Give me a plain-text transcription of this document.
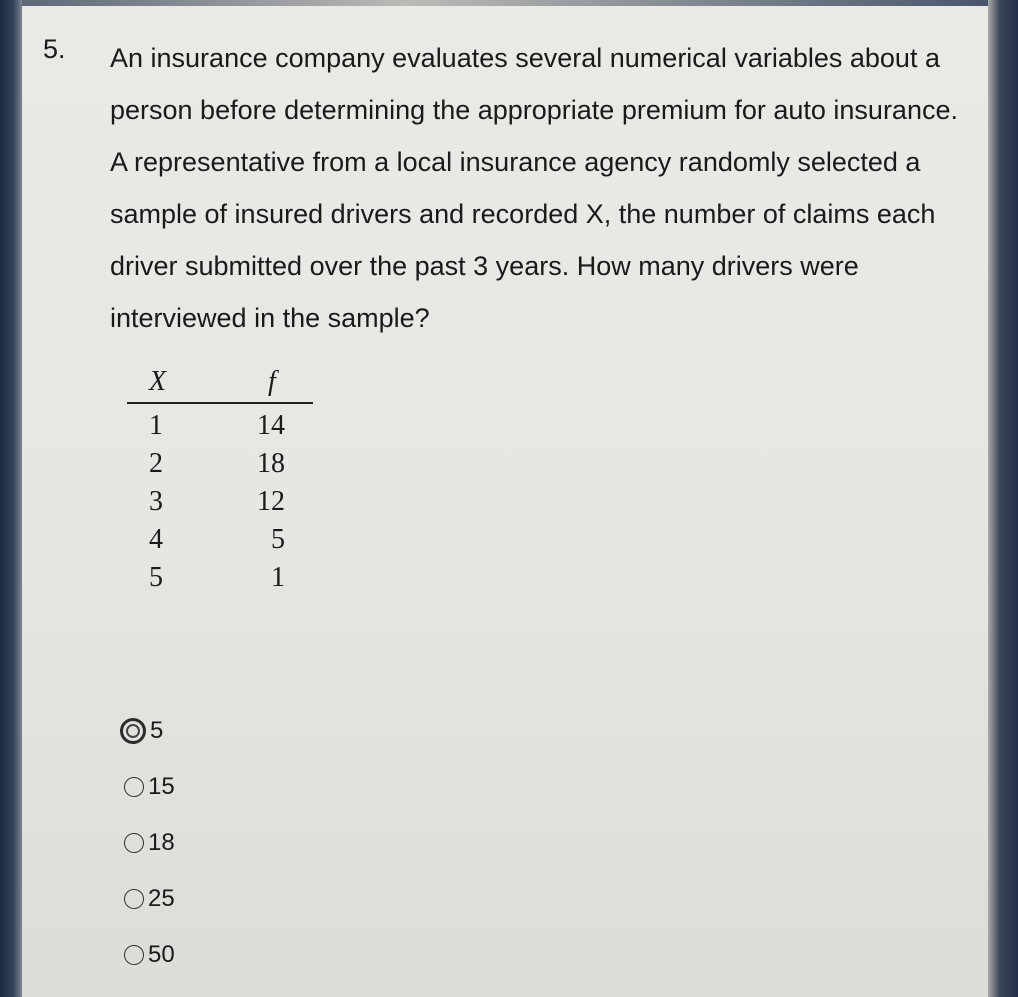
5. An insurance company evaluates several numerical variables about a
person before determining the appropriate premium for auto insurance.
A representative from a local insurance agency randomly selected a
sample of insured drivers and recorded X, the number of claims each
driver submitted over the past 3 years. How many drivers were
interviewed in the sample?

X	f
1	14
2	18
3	12
4	5
5	1
5
15
18
25
50
